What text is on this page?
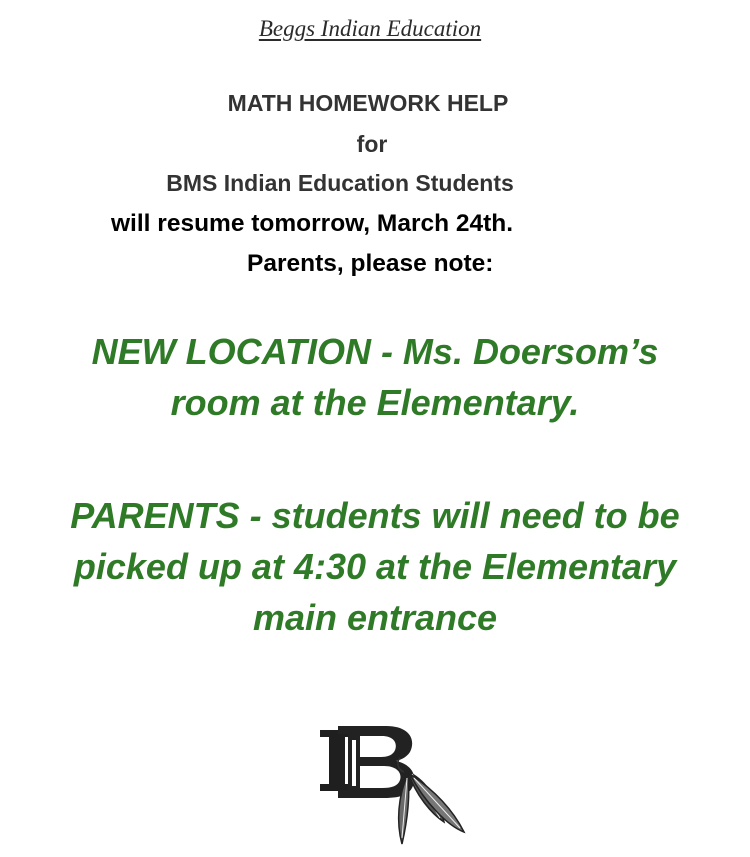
Beggs Indian Education
MATH HOMEWORK HELP
for
BMS Indian Education Students
will resume tomorrow, March 24th.
Parents, please note:
NEW LOCATION - Ms. Doersom’s
room at the Elementary.
PARENTS - students will need to be
picked up at 4:30 at the Elementary
main entrance
